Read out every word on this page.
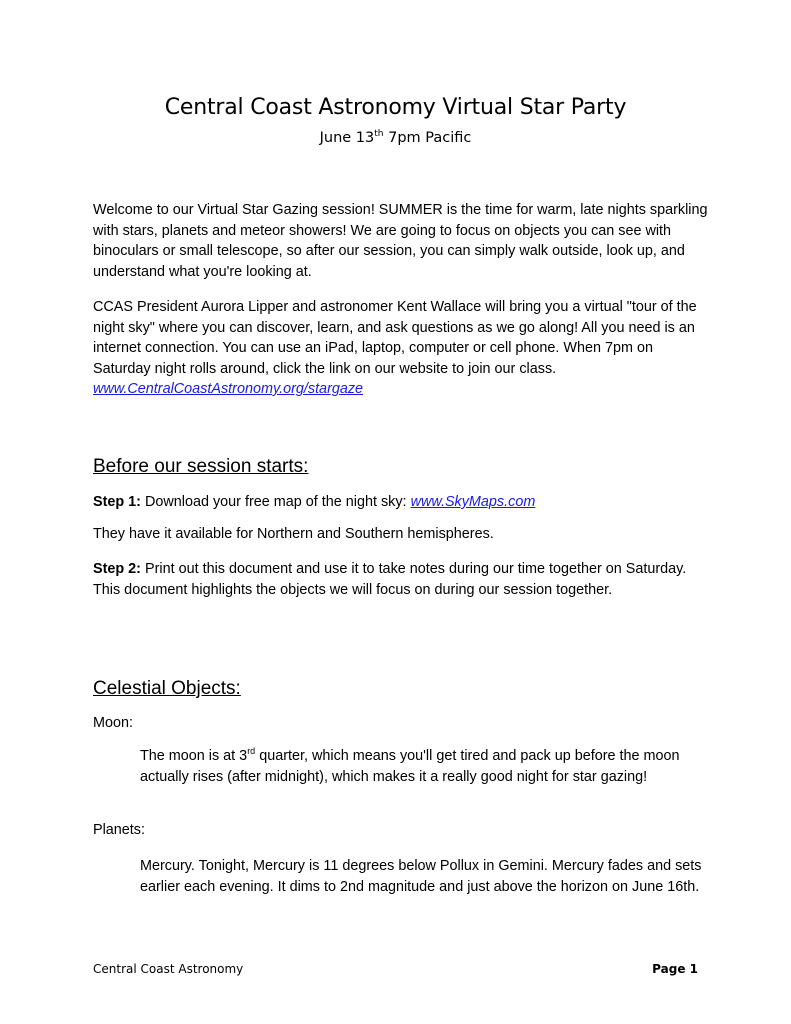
Central Coast Astronomy Virtual Star Party
June 13th 7pm Pacific

Welcome to our Virtual Star Gazing session! SUMMER is the time for warm, late nights sparkling with stars, planets and meteor showers! We are going to focus on objects you can see with binoculars or small telescope, so after our session, you can simply walk outside, look up, and understand what you're looking at.

CCAS President Aurora Lipper and astronomer Kent Wallace will bring you a virtual "tour of the night sky" where you can discover, learn, and ask questions as we go along! All you need is an internet connection. You can use an iPad, laptop, computer or cell phone. When 7pm on Saturday night rolls around, click the link on our website to join our class. www.CentralCoastAstronomy.org/stargaze

Before our session starts:

Step 1: Download your free map of the night sky: www.SkyMaps.com

They have it available for Northern and Southern hemispheres.

Step 2: Print out this document and use it to take notes during our time together on Saturday. This document highlights the objects we will focus on during our session together.

Celestial Objects:
Moon:
The moon is at 3rd quarter, which means you'll get tired and pack up before the moon actually rises (after midnight), which makes it a really good night for star gazing!
Planets:
Mercury. Tonight, Mercury is 11 degrees below Pollux in Gemini. Mercury fades and sets earlier each evening. It dims to 2nd magnitude and just above the horizon on June 16th.
Central Coast Astronomy	Page 1
